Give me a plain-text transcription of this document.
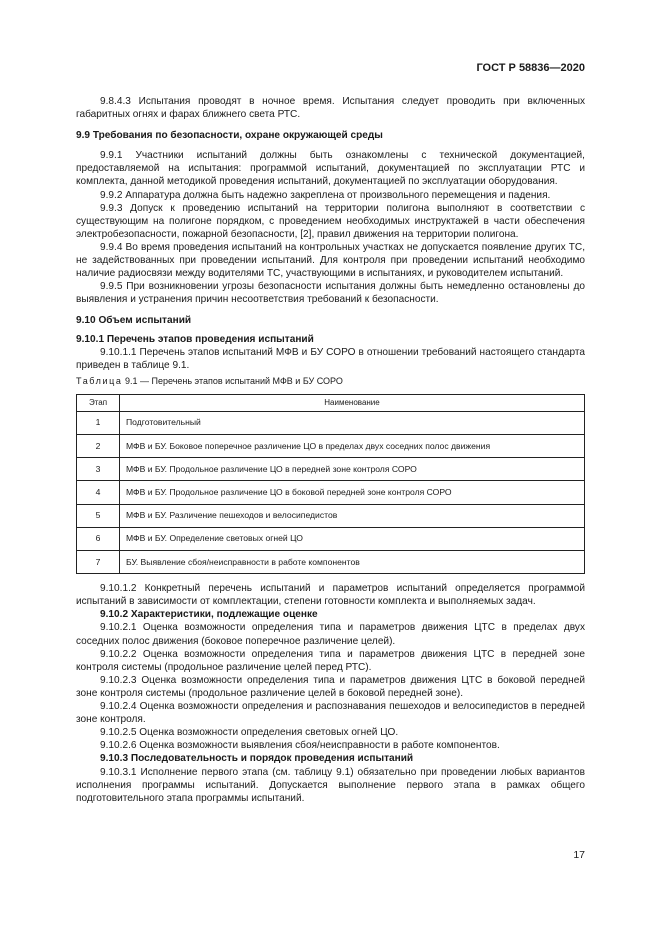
ГОСТ Р 58836—2020

9.8.4.3 Испытания проводят в ночное время. Испытания следует проводить при включенных габаритных огнях и фарах ближнего света РТС.

9.9 Требования по безопасности, охране окружающей среды

9.9.1 Участники испытаний должны быть ознакомлены с технической документацией, предоставляемой на испытания: программой испытаний, документацией по эксплуатации РТС и комплекта, данной методикой проведения испытаний, документацией по эксплуатации оборудования.

9.9.2 Аппаратура должна быть надежно закреплена от произвольного перемещения и падения.

9.9.3 Допуск к проведению испытаний на территории полигона выполняют в соответствии с существующим на полигоне порядком, с проведением необходимых инструктажей в части обеспечения электробезопасности, пожарной безопасности, [2], правил движения на территории полигона.

9.9.4 Во время проведения испытаний на контрольных участках не допускается появление других ТС, не задействованных при проведении испытаний. Для контроля при проведении испытаний необходимо наличие радиосвязи между водителями ТС, участвующими в испытаниях, и руководителем испытаний.

9.9.5 При возникновении угрозы безопасности испытания должны быть немедленно остановлены до выявления и устранения причин несоответствия требований к безопасности.

9.10 Объем испытаний

9.10.1 Перечень этапов проведения испытаний

9.10.1.1 Перечень этапов испытаний МФВ и БУ СОРО в отношении требований настоящего стандарта приведен в таблице 9.1.

Таблица 9.1 — Перечень этапов испытаний МФВ и БУ СОРО
Этап	Наименование
1	Подготовительный
2	МФВ и БУ. Боковое поперечное различение ЦО в пределах двух соседних полос движения
3	МФВ и БУ. Продольное различение ЦО в передней зоне контроля СОРО
4	МФВ и БУ. Продольное различение ЦО в боковой передней зоне контроля СОРО
5	МФВ и БУ. Различение пешеходов и велосипедистов
6	МФВ и БУ. Определение световых огней ЦО
7	БУ. Выявление сбоя/неисправности в работе компонентов

9.10.1.2 Конкретный перечень испытаний и параметров испытаний определяется программой испытаний в зависимости от комплектации, степени готовности комплекта и выполняемых задач.

9.10.2 Характеристики, подлежащие оценке

9.10.2.1 Оценка возможности определения типа и параметров движения ЦТС в пределах двух соседних полос движения (боковое поперечное различение целей).

9.10.2.2 Оценка возможности определения типа и параметров движения ЦТС в передней зоне контроля системы (продольное различение целей перед РТС).

9.10.2.3 Оценка возможности определения типа и параметров движения ЦТС в боковой передней зоне контроля системы (продольное различение целей в боковой передней зоне).

9.10.2.4 Оценка возможности определения и распознавания пешеходов и велосипедистов в передней зоне контроля.

9.10.2.5 Оценка возможности определения световых огней ЦО.

9.10.2.6 Оценка возможности выявления сбоя/неисправности в работе компонентов.

9.10.3 Последовательность и порядок проведения испытаний

9.10.3.1 Исполнение первого этапа (см. таблицу 9.1) обязательно при проведении любых вариантов исполнения программы испытаний. Допускается выполнение первого этапа в рамках общего подготовительного этапа программы испытаний.

17
